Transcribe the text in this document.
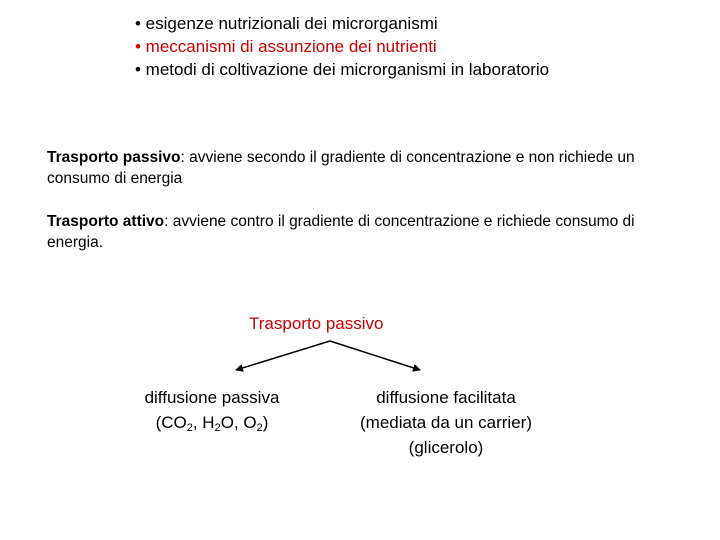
• esigenze nutrizionali dei microrganismi
• meccanismi di assunzione dei nutrienti
• metodi di coltivazione dei microrganismi in laboratorio
Trasporto passivo: avviene secondo il gradiente di concentrazione e non richiede un consumo di energia
Trasporto attivo: avviene contro il gradiente di concentrazione e richiede consumo di energia.
Trasporto passivo
diffusione passiva
($CO_2$, $H_2O$, $O_2$)
diffusione facilitata
(mediata da un carrier)
(glicerolo)
